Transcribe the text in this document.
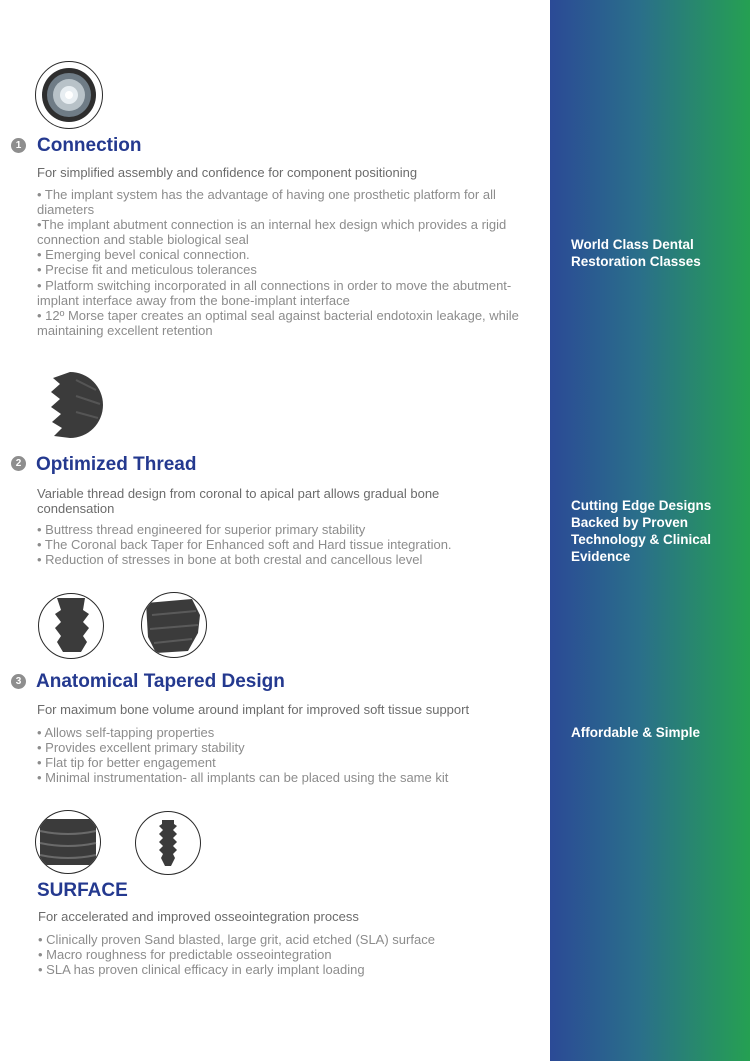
1 Connection
For simplified assembly and confidence for component positioning
• The implant system has the advantage of having one prosthetic platform for all diameters
•The implant abutment connection is an internal hex design which provides a rigid connection and stable biological seal
• Emerging bevel conical connection.
• Precise fit and meticulous tolerances
• Platform switching incorporated in all connections in order to move the abutment-implant interface away from the bone-implant interface
• 12º Morse taper creates an optimal seal against bacterial endotoxin leakage, while maintaining excellent retention
2 Optimized Thread
Variable thread design from coronal to apical part allows gradual bone condensation
• Buttress thread engineered for superior primary stability
• The Coronal back Taper for Enhanced soft and Hard tissue integration.
• Reduction of stresses in bone at both crestal and cancellous level
3 Anatomical Tapered Design
For maximum bone volume around implant for improved soft tissue support
• Allows self-tapping properties
• Provides excellent primary stability
• Flat tip for better engagement
• Minimal instrumentation- all implants can be placed using the same kit
SURFACE
For accelerated and improved osseointegration process
• Clinically proven Sand blasted, large grit, acid etched (SLA) surface
• Macro roughness for predictable osseointegration
• SLA has proven clinical efficacy in early implant loading
World Class Dental Restoration Classes
Cutting Edge Designs Backed by Proven Technology & Clinical Evidence
Affordable & Simple
